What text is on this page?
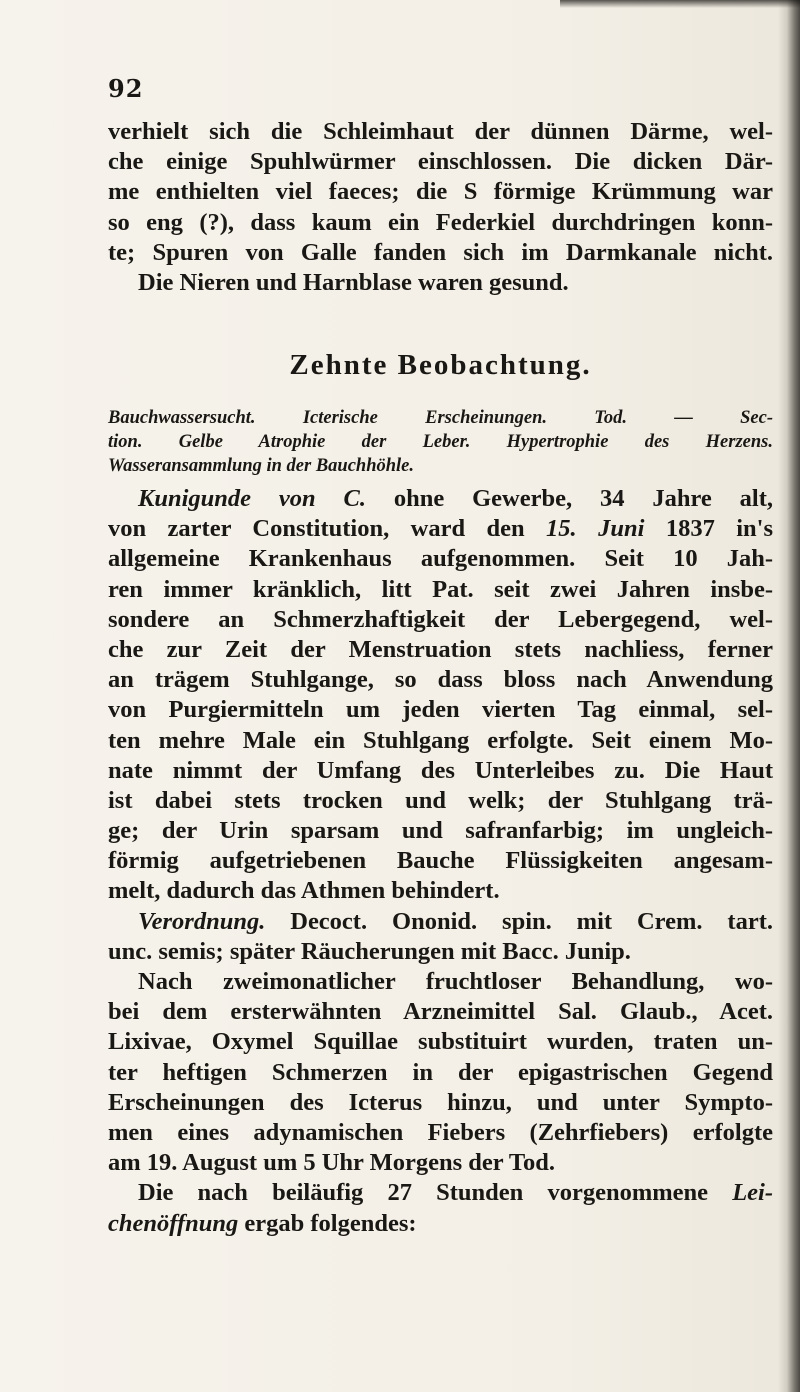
92
verhielt sich die Schleimhaut der dünnen Därme, wel-
che einige Spuhlwürmer einschlossen. Die dicken Där-
me enthielten viel faeces; die S förmige Krümmung war
so eng (?), dass kaum ein Federkiel durchdringen konn-
te; Spuren von Galle fanden sich im Darmkanale nicht.
Die Nieren und Harnblase waren gesund.
Zehnte Beobachtung.
Bauchwassersucht. Icterische Erscheinungen. Tod. — Sec-
tion. Gelbe Atrophie der Leber. Hypertrophie des Herzens.
Wasseransammlung in der Bauchhöhle.
Kunigunde von C. ohne Gewerbe, 34 Jahre alt,
von zarter Constitution, ward den 15. Juni 1837 in's
allgemeine Krankenhaus aufgenommen. Seit 10 Jah-
ren immer kränklich, litt Pat. seit zwei Jahren insbe-
sondere an Schmerzhaftigkeit der Lebergegend, wel-
che zur Zeit der Menstruation stets nachliess, ferner
an trägem Stuhlgange, so dass bloss nach Anwendung
von Purgiermitteln um jeden vierten Tag einmal, sel-
ten mehre Male ein Stuhlgang erfolgte. Seit einem Mo-
nate nimmt der Umfang des Unterleibes zu. Die Haut
ist dabei stets trocken und welk; der Stuhlgang trä-
ge; der Urin sparsam und safranfarbig; im ungleich-
förmig aufgetriebenen Bauche Flüssigkeiten angesam-
melt, dadurch das Athmen behindert.
Verordnung. Decoct. Ononid. spin. mit Crem. tart.
unc. semis; später Räucherungen mit Bacc. Junip.
Nach zweimonatlicher fruchtloser Behandlung, wo-
bei dem ersterwähnten Arzneimittel Sal. Glaub., Acet.
Lixivae, Oxymel Squillae substituirt wurden, traten un-
ter heftigen Schmerzen in der epigastrischen Gegend
Erscheinungen des Icterus hinzu, und unter Sympto-
men eines adynamischen Fiebers (Zehrfiebers) erfolgte
am 19. August um 5 Uhr Morgens der Tod.
Die nach beiläufig 27 Stunden vorgenommene Lei-
chenöffnung ergab folgendes:
